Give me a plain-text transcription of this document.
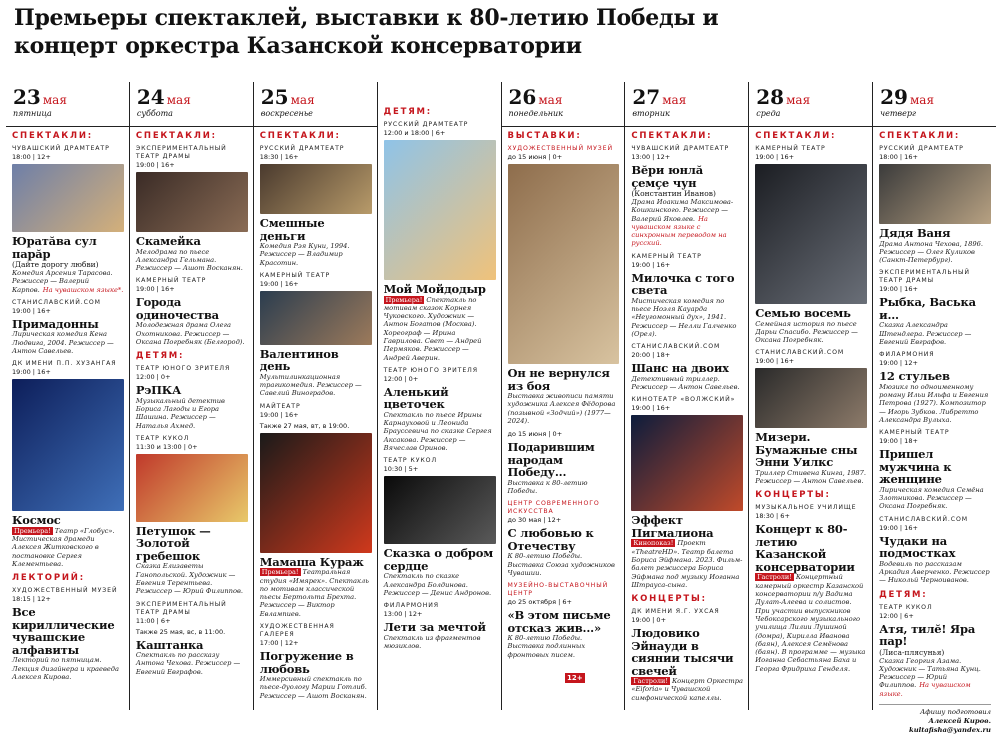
Премьеры спектаклей, выставки к 80-летию Победы и концерт оркестра Казанской консерватории
23 мая
пятница
СПЕКТАКЛИ:
ЧУВАШСКИЙ ДРАМТЕАТР
18:00 | 12+
Юратăва сул парăр
(Дайте дорогу любви)
Комедия Арсения Тарасова. Режиссер — Валерий Карпов. На чувашском языке*.
СТАНИСЛАВСКИЙ.COM
19:00 | 16+
Примадонны
Лирическая комедия Кена Людвига, 2004. Режиссер — Антон Савельев.
ДК ИМЕНИ П.П. ХУЗАНГАЯ
19:00 | 16+
Космос
Премьера! Театр «Глобус». Мистическая драмеди Алексея Житковского в постановке Сергея Клементьева.
ЛЕКТОРИЙ:
ХУДОЖЕСТВЕННЫЙ МУЗЕЙ
18:15 | 12+
Все кириллические чувашские алфавиты
Лекторий по пятницам. Лекция дизайнера и краеведа Алексея Кирова.
24 мая
суббота
СПЕКТАКЛИ:
ЭКСПЕРИМЕНТАЛЬНЫЙ ТЕАТР ДРАМЫ
19:00 | 16+
Скамейка
Мелодрама по пьесе Александра Гельмана. Режиссер — Ашот Восканян.
КАМЕРНЫЙ ТЕАТР
19:00 | 16+
Города одиночества
Молодежная драма Олега Охотникова. Режиссер — Оксана Погребняк (Белгород).
ДЕТЯМ:
ТЕАТР ЮНОГО ЗРИТЕЛЯ
12:00 | 0+
РэПКА
Музыкальный детектив Бориса Лагоды и Егора Шашина. Режиссер — Наталья Ахмед.
ТЕАТР КУКОЛ
11:30 и 13:00 | 0+
Петушок — Золотой гребешок
Сказка Елизаветы Ганопольской. Художник — Евгения Терентьева. Режиссер — Юрий Филиппов.
ЭКСПЕРИМЕНТАЛЬНЫЙ ТЕАТР ДРАМЫ
11:00 | 6+
Также 25 мая, вс, в 11:00.
Каштанка
Спектакль по рассказу Антона Чехова. Режиссер — Евгений Евграфов.
25 мая
воскресенье
СПЕКТАКЛИ:
РУССКИЙ ДРАМТЕАТР
18:30 | 16+
Смешные деньги
Комедия Рэя Куни, 1994. Режиссер — Владимир Красотин.
КАМЕРНЫЙ ТЕАТР
19:00 | 16+
Валентинов день
Мультилинкационная трагикомедия. Режиссер — Савелий Виноградов.
МАЙТЕАТР
19:00 | 16+
Также 27 мая, вт, в 19:00.
Мамаша Кураж
Премьера! Театральная студия «Имярек». Спектакль по мотивам классической пьесы Бертольта Брехта. Режиссер — Виктор Евлампиев.
ХУДОЖЕСТВЕННАЯ ГАЛЕРЕЯ
17:00 | 12+
Погружение в любовь
Иммерсивный спектакль по пьесе-дуологу Марии Готлиб. Режиссер — Ашот Восканян.
ДЕТЯМ:
РУССКИЙ ДРАМТЕАТР
12:00 и 18:00 | 6+
Мой Мойдодыр
Премьера! Спектакль по мотивам сказок Корнея Чуковского. Художник — Антон Богатов (Москва). Хореограф — Ирина Гаврилова. Свет — Андрей Пермяков. Режиссер — Андрей Аверин.
ТЕАТР ЮНОГО ЗРИТЕЛЯ
12:00 | 0+
Аленький цветочек
Спектакль по пьесе Ирины Карнауховой и Леонида Брауссевича по сказке Сергея Аксакова. Режиссер — Вячеслав Оринов.
ТЕАТР КУКОЛ
10:30 | 5+
Сказка о добром сердце
Спектакль по сказке Александра Болдинова. Режиссер — Денис Андронов.
ФИЛАРМОНИЯ
13:00 | 12+
Лети за мечтой
Спектакль из фрагментов мюзиклов.
26 мая
понедельник
ВЫСТАВКИ:
ХУДОЖЕСТВЕННЫЙ МУЗЕЙ
до 15 июня | 0+
Он не вернулся из боя
Выставка живописи памяти художника Алексея Фёдорова (позывной «Зодчий») (1977—2024).
до 15 июня | 0+
Подарившим народам Победу...
Выставка к 80-летию Победы.
ЦЕНТР СОВРЕМЕННОГО ИСКУССТВА
до 30 мая | 12+
С любовью к Отечеству
К 80-летию Победы. Выставка Союза художников Чувашии.
МУЗЕЙНО-ВЫСТАВОЧНЫЙ ЦЕНТР
до 25 октября | 6+
«В этом письме отсказ жив...»
К 80-летию Победы. Выставка подлинных фронтовых писем.
27 мая
вторник
СПЕКТАКЛИ:
ЧУВАШСКИЙ ДРАМТЕАТР
13:00 | 12+
Вĕри юнлă çемçе чун
(Константин Иванов)
Драма Иоакима Максимова-Кошкинского. Режиссер — Валерий Яковлев. На чувашском языке с синхронным переводом на русский.
КАМЕРНЫЙ ТЕАТР
19:00 | 16+
Милочка с того света
Мистическая комедия по пьесе Ноэля Кауарда «Неугомонный дух», 1941. Режиссер — Нелли Галченко (Орел).
СТАНИСЛАВСКИЙ.COM
20:00 | 18+
Шанс на двоих
Детективный триллер. Режиссер — Антон Савельев.
КИНОТЕАТР «ВОЛЖСКИЙ»
19:00 | 16+
Эффект Пигмалиона
Кинопоказ! Проект «TheatreHD». Театр балета Бориса Эйфмана. 2023. Фильм-балет режиссера Бориса Эйфмана под музыку Иоганна Штрауса-сына.
КОНЦЕРТЫ:
ДК ИМЕНИ Я.Г. УХСАЯ
19:00 | 0+
Людовико Эйнауди в сиянии тысячи свечей
Гастроли! Концерт Оркестра «Eiforia» и Чувашской симфонической капеллы.
28 мая
среда
СПЕКТАКЛИ:
КАМЕРНЫЙ ТЕАТР
19:00 | 16+
Семью восемь
Семейная история по пьесе Дарьи Спасибо. Режиссер — Оксана Погребняк.
СТАНИСЛАВСКИЙ.COM
19:00 | 16+
Мизери. Бумажные сны Энни Уилкс
Триллер Стивена Кинга, 1987. Режиссер — Антон Савельев.
КОНЦЕРТЫ:
МУЗЫКАЛЬНОЕ УЧИЛИЩЕ
18:30 | 6+
Концерт к 80-летию Казанской консерватории
Гастроли! Концертный камерный оркестр Казанской консерватории п/у Вадима Дулат-Алеева и солистов. При участии выпускников Чебоксарского музыкального училища Лилии Лушиной (домра), Кирилла Иванова (баян), Алексея Семёнова (баян). В программе — музыка Иоганна Себастьяна Баха и Георга Фридриха Генделя.
29 мая
четверг
СПЕКТАКЛИ:
РУССКИЙ ДРАМТЕАТР
18:00 | 16+
Дядя Ваня
Драма Антона Чехова, 1896. Режиссер — Олег Куликов (Санкт-Петербург).
ЭКСПЕРИМЕНТАЛЬНЫЙ ТЕАТР ДРАМЫ
19:00 | 16+
Рыбка, Васька и...
Сказка Александра Штендлера. Режиссер — Евгений Евграфов.
ФИЛАРМОНИЯ
19:00 | 12+
12 стульев
Мюзикл по одноименному роману Ильи Ильфа и Евгения Петрова (1927). Композитор — Игорь Зубков. Либретто Александра Вулыха.
КАМЕРНЫЙ ТЕАТР
19:00 | 18+
Пришел мужчина к женщине
Лирическая комедия Семёна Злотникова. Режиссер — Оксана Погребняк.
СТАНИСЛАВСКИЙ.COM
19:00 | 16+
Чудаки на подмостках
Водевиль по рассказам Аркадия Аверченко. Режиссер — Никольй Черноиванов.
ДЕТЯМ:
ТЕАТР КУКОЛ
12:00 | 6+
Атя, тилĕ! Яра пар!
(Лиса-плясунья)
Сказка Георгия Азама. Художник — Татьяна Кунц. Режиссер — Юрий Филиппов. На чувашском языке.
Афишу подготовил
Алексей Киров.
kultafisha@yandex.ru
12+
